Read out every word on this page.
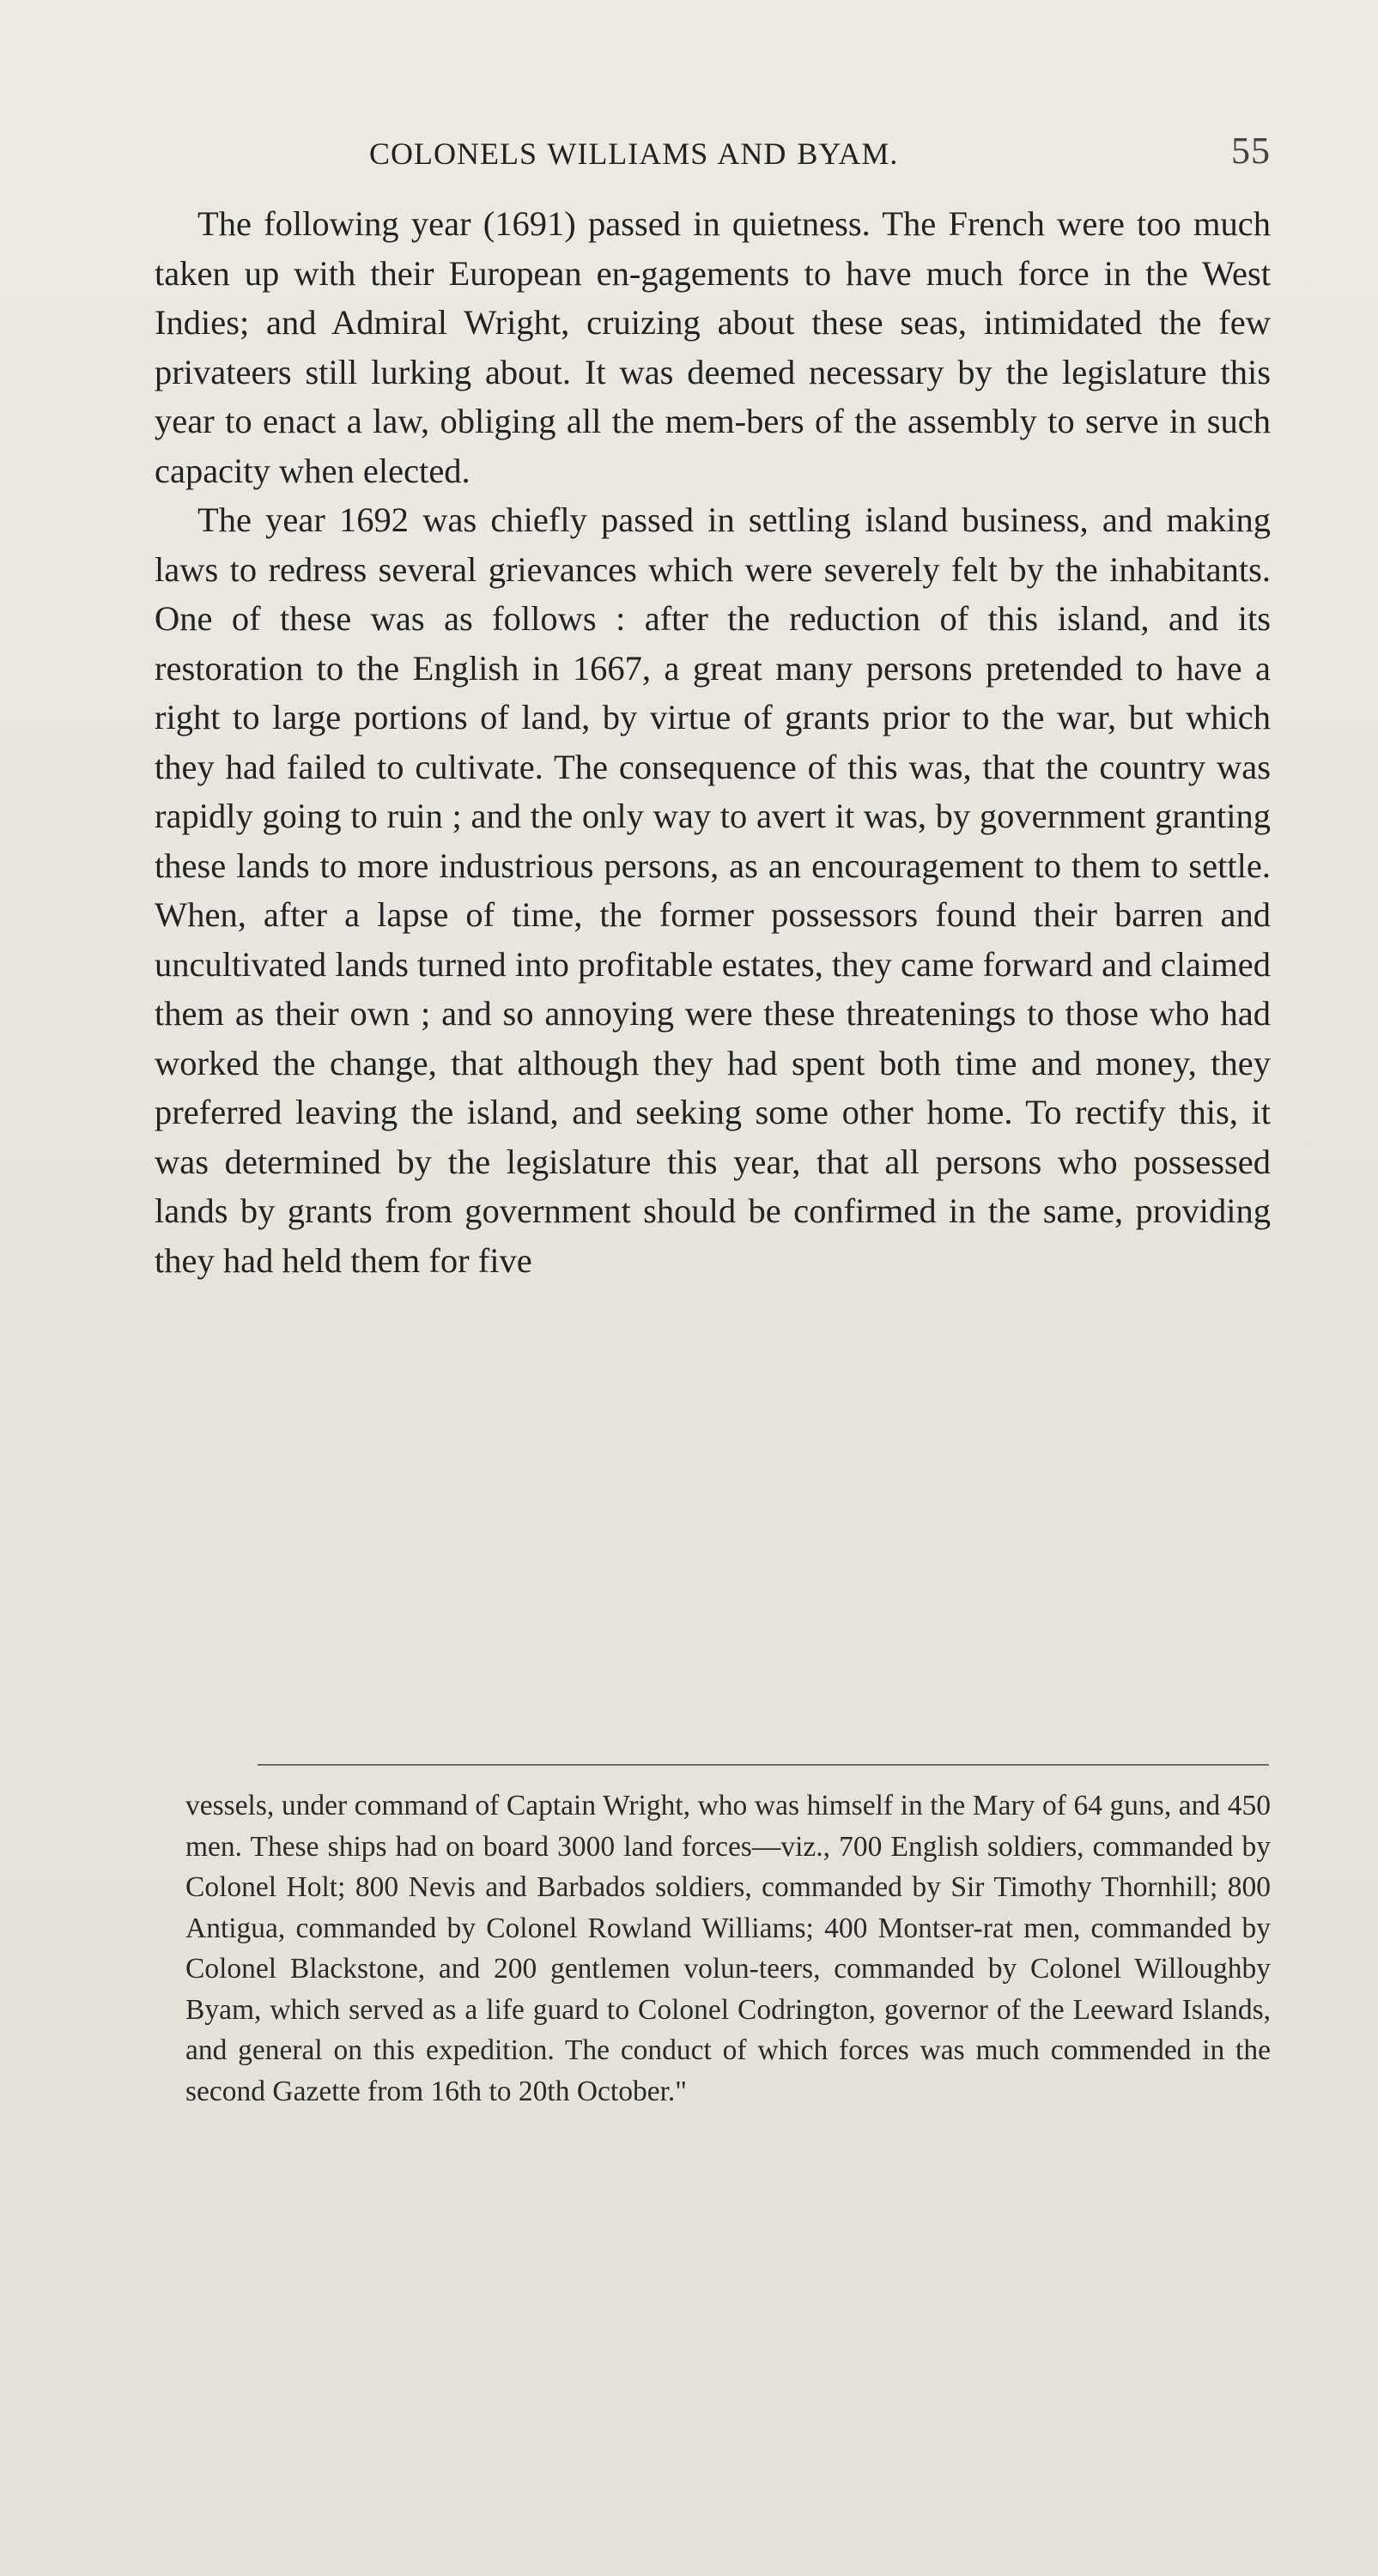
COLONELS WILLIAMS AND BYAM.	55

The following year (1691) passed in quietness. The French were too much taken up with their European en-gagements to have much force in the West Indies; and Admiral Wright, cruizing about these seas, intimidated the few privateers still lurking about. It was deemed necessary by the legislature this year to enact a law, obliging all the mem-bers of the assembly to serve in such capacity when elected.

The year 1692 was chiefly passed in settling island business, and making laws to redress several grievances which were severely felt by the inhabitants. One of these was as follows : after the reduction of this island, and its restoration to the English in 1667, a great many persons pretended to have a right to large portions of land, by virtue of grants prior to the war, but which they had failed to cultivate. The consequence of this was, that the country was rapidly going to ruin ; and the only way to avert it was, by government granting these lands to more industrious persons, as an encouragement to them to settle. When, after a lapse of time, the former possessors found their barren and uncultivated lands turned into profitable estates, they came forward and claimed them as their own ; and so annoying were these threatenings to those who had worked the change, that although they had spent both time and money, they preferred leaving the island, and seeking some other home. To rectify this, it was determined by the legislature this year, that all persons who possessed lands by grants from government should be confirmed in the same, providing they had held them for five

vessels, under command of Captain Wright, who was himself in the Mary of 64 guns, and 450 men. These ships had on board 3000 land forces—viz., 700 English soldiers, commanded by Colonel Holt; 800 Nevis and Barbados soldiers, commanded by Sir Timothy Thornhill; 800 Antigua, commanded by Colonel Rowland Williams; 400 Montser-rat men, commanded by Colonel Blackstone, and 200 gentlemen volun-teers, commanded by Colonel Willoughby Byam, which served as a life guard to Colonel Codrington, governor of the Leeward Islands, and general on this expedition. The conduct of which forces was much commended in the second Gazette from 16th to 20th October."
